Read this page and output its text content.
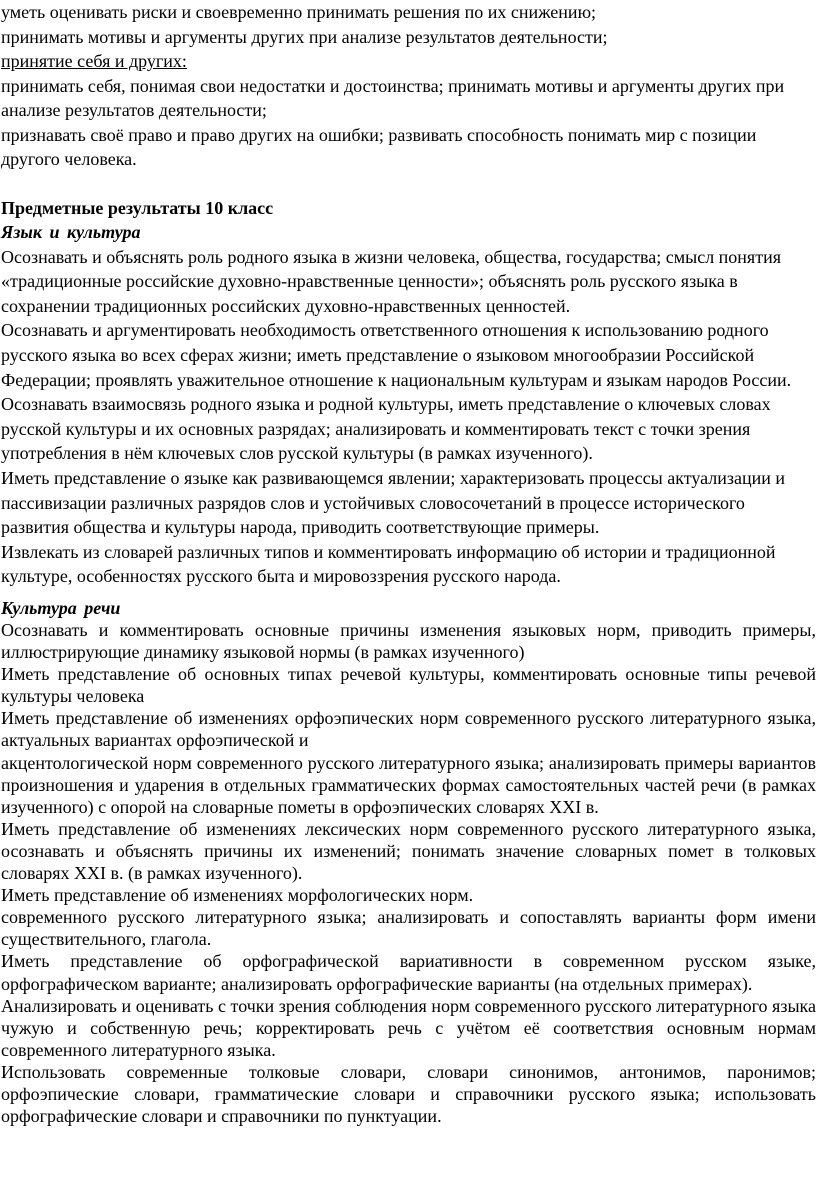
уметь оценивать риски и своевременно принимать решения по их снижению;

принимать мотивы и аргументы других при анализе результатов деятельности;

принятие себя и других:

принимать себя, понимая свои недостатки и достоинства; принимать мотивы и аргументы других при анализе результатов деятельности;

признавать своё право и право других на ошибки; развивать способность понимать мир с позиции другого человека.

Предметные результаты 10 класс

Язык и культура

Осознавать и объяснять роль родного языка в жизни человека, общества, государства; смысл понятия «традиционные российские духовно-нравственные ценности»; объяснять роль русского языка в сохранении традиционных российских духовно-нравственных ценностей.

Осознавать и аргументировать необходимость ответственного отношения к использованию родного русского языка во всех сферах жизни; иметь представление о языковом многообразии Российской Федерации; проявлять уважительное отношение к национальным культурам и языкам народов России.

Осознавать взаимосвязь родного языка и родной культуры, иметь представление о ключевых словах русской культуры и их основных разрядах; анализировать и комментировать текст с точки зрения употребления в нём ключевых слов русской культуры (в рамках изученного).

Иметь представление о языке как развивающемся явлении; характеризовать процессы актуализации и пассивизации различных разрядов слов и устойчивых словосочетаний в процессе исторического развития общества и культуры народа, приводить соответствующие примеры.

Извлекать из словарей различных типов и комментировать информацию об истории и традиционной культуре, особенностях русского быта и мировоззрения русского народа.

Культура речи

Осознавать и комментировать основные причины изменения языковых норм, приводить примеры, иллюстрирующие динамику языковой нормы (в рамках изученного)

Иметь представление об основных типах речевой культуры, комментировать основные типы речевой культуры человека

Иметь представление об изменениях орфоэпических норм современного русского литературного языка, актуальных вариантах орфоэпической и

акцентологической норм современного русского литературного языка; анализировать примеры вариантов произношения и ударения в отдельных грамматических формах самостоятельных частей речи (в рамках изученного) с опорой на словарные пометы в орфоэпических словарях XXI в.

Иметь представление об изменениях лексических норм современного русского литературного языка, осознавать и объяснять причины их изменений; понимать значение словарных помет в толковых словарях XXI в. (в рамках изученного).

Иметь представление об изменениях морфологических норм.

современного русского литературного языка; анализировать и сопоставлять варианты форм имени существительного, глагола.

Иметь представление об орфографической вариативности в современном русском языке, орфографическом варианте; анализировать орфографические варианты (на отдельных примерах).

Анализировать и оценивать с точки зрения соблюдения норм современного русского литературного языка чужую и собственную речь; корректировать речь с учётом её соответствия основным нормам современного литературного языка.

Использовать современные толковые словари, словари синонимов, антонимов, паронимов; орфоэпические словари, грамматические словари и справочники русского языка; использовать орфографические словари и справочники по пунктуации.
